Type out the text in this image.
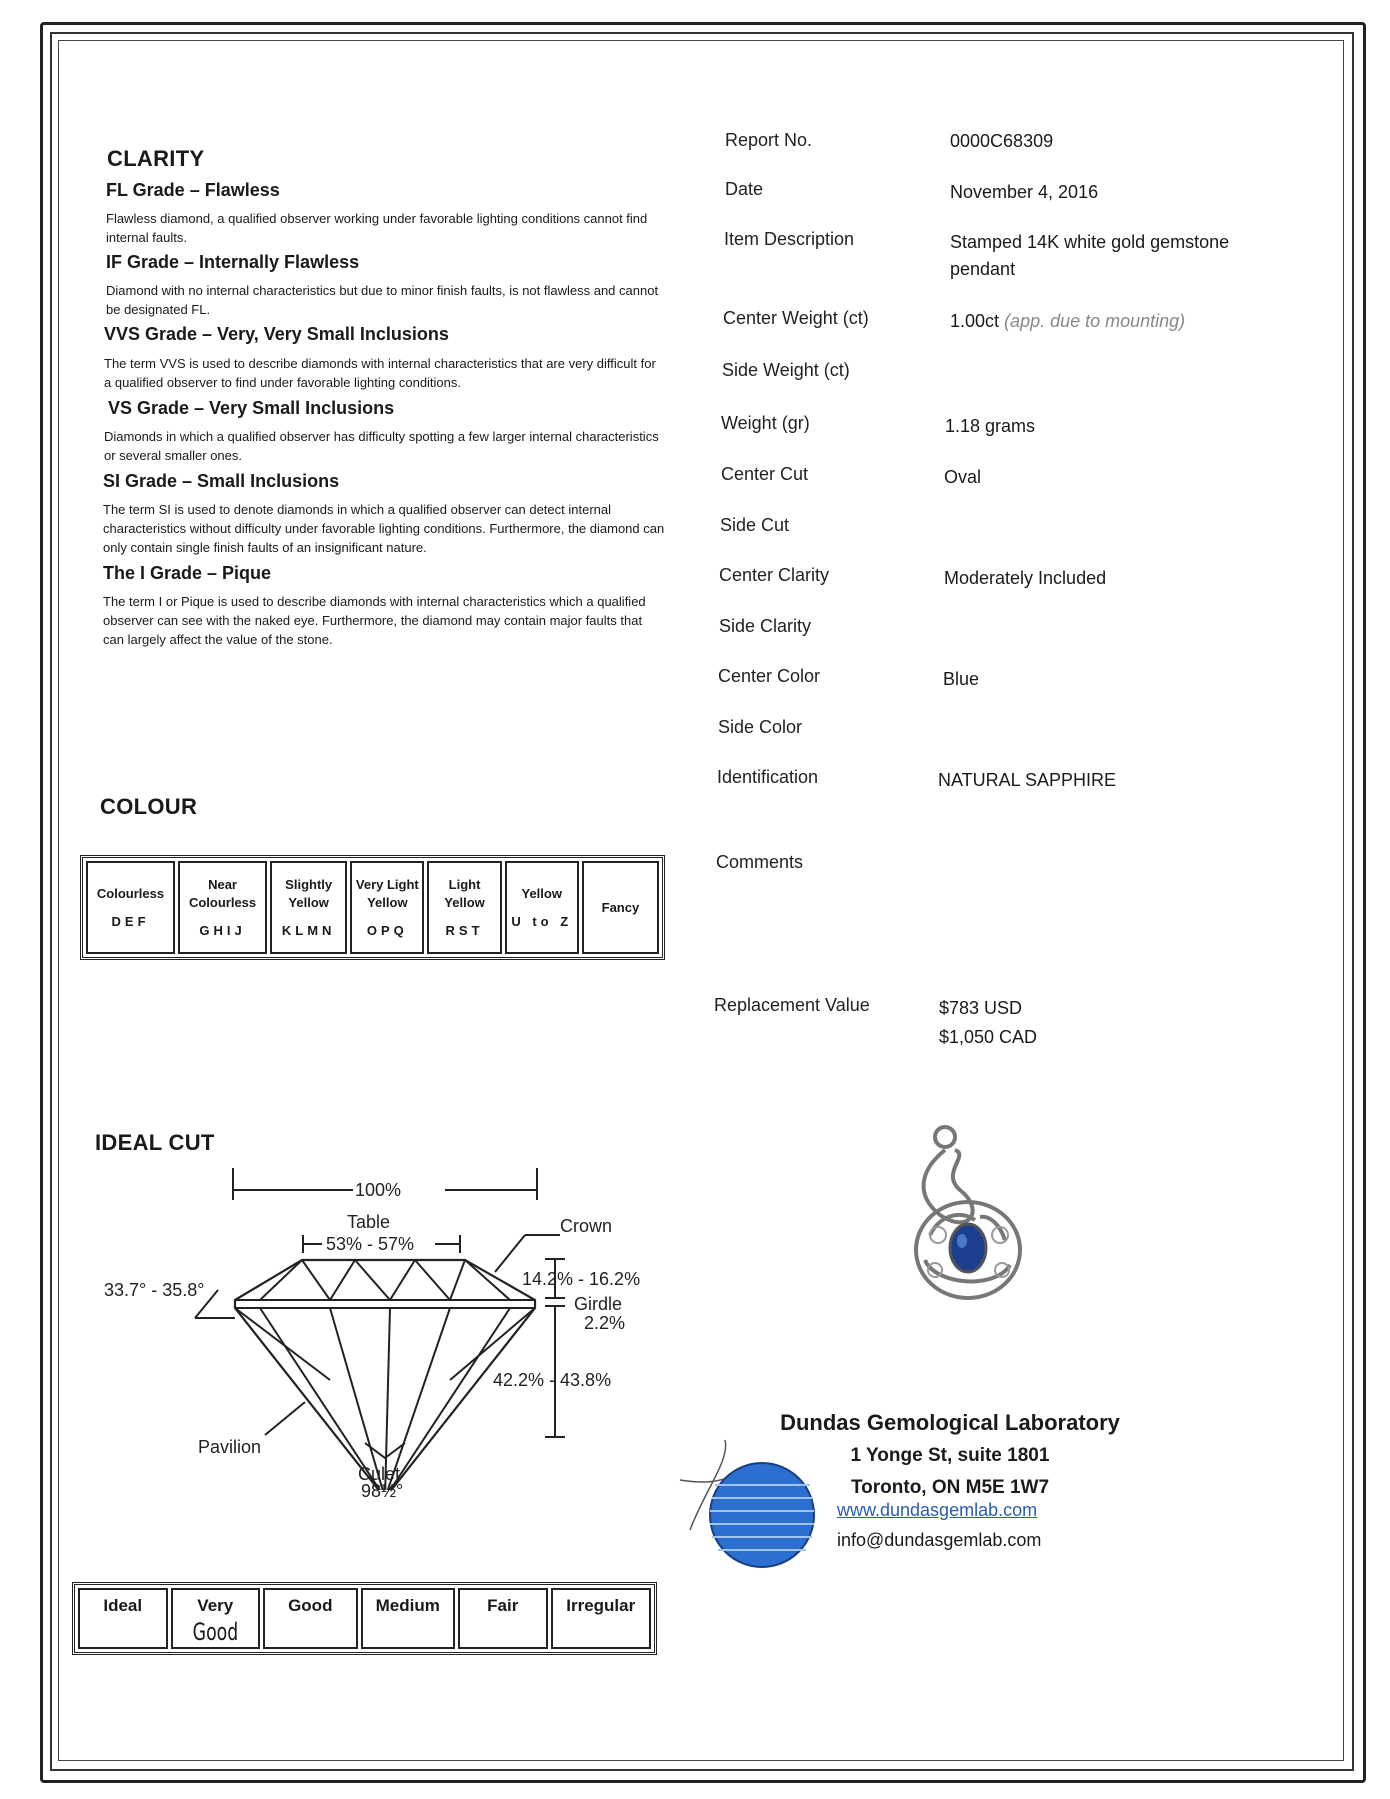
CLARITY
FL Grade – Flawless
Flawless diamond, a qualified observer working under favorable lighting conditions cannot find internal faults.
IF Grade – Internally Flawless
Diamond with no internal characteristics but due to minor finish faults, is not flawless and cannot be designated FL.
VVS Grade – Very, Very Small Inclusions
The term VVS is used to describe diamonds with internal characteristics that are very difficult for a qualified observer to find under favorable lighting conditions.
VS Grade – Very Small Inclusions
Diamonds in which a qualified observer has difficulty spotting a few larger internal characteristics or several smaller ones.
SI Grade – Small Inclusions
The term SI is used to denote diamonds in which a qualified observer can detect internal characteristics without difficulty under favorable lighting conditions. Furthermore, the diamond can only contain single finish faults of an insignificant nature.
The I Grade – Pique
The term I or Pique is used to describe diamonds with internal characteristics which a qualified observer can see with the naked eye. Furthermore, the diamond may contain major faults that can largely affect the value of the stone.
COLOUR
Colourless
DEF
Near Colourless
GHIJ
Slightly Yellow
KLMN
Very Light Yellow
OPQ
Light Yellow
RST
Yellow
U to Z
Fancy
IDEAL CUT
100%
Table
53% - 57%
Crown
33.7° - 35.8°
14.2% - 16.2%
Girdle
2.2%
42.2% - 43.8%
Pavilion
Culet
98½°
Ideal	Very
Good
Good	Medium	Fair	Irregular
Report No.	0000C68309
Date	November 4, 2016
Item Description	Stamped 14K white gold gemstone pendant
Center Weight (ct)	1.00ct (app. due to mounting)
Side Weight (ct)
Weight (gr)	1.18 grams
Center Cut	Oval
Side Cut
Center Clarity	Moderately Included
Side Clarity
Center Color	Blue
Side Color
Identification	NATURAL SAPPHIRE
Comments
Replacement Value	$783 USD
$1,050 CAD
Dundas Gemological Laboratory
1 Yonge St, suite 1801
Toronto, ON M5E 1W7
www.dundasgemlab.com
info@dundasgemlab.com
